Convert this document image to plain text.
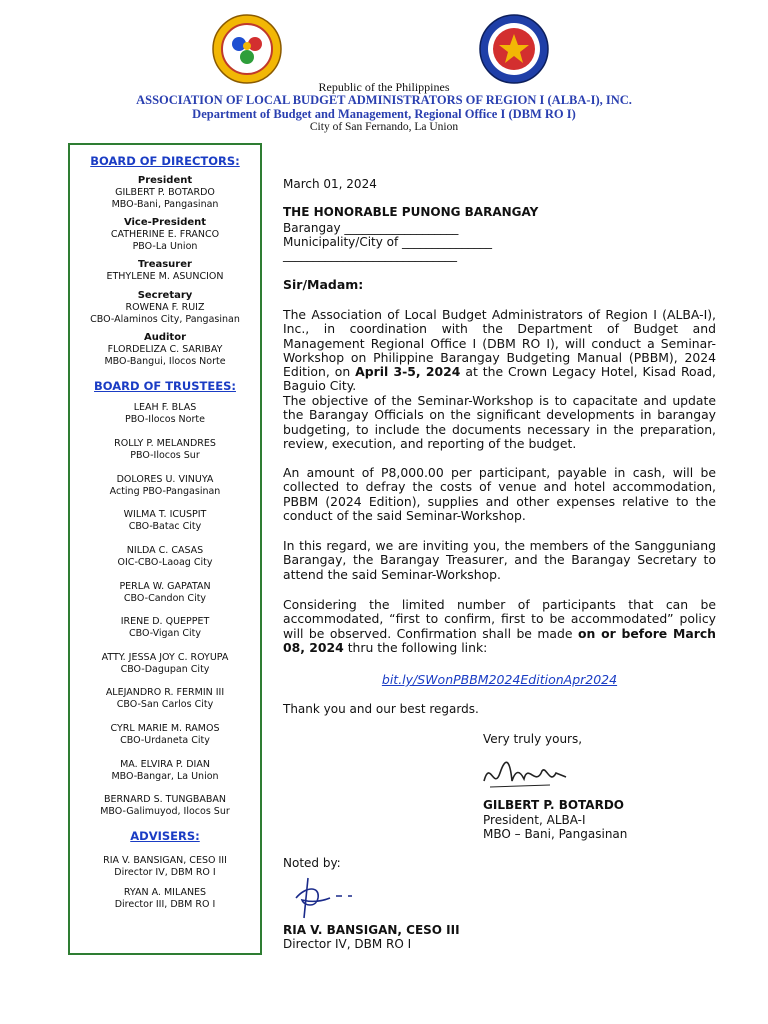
Republic of the Philippines
ASSOCIATION OF LOCAL BUDGET ADMINISTRATORS OF REGION I (ALBA-I), INC.
Department of Budget and Management, Regional Office I (DBM RO I)
City of San Fernando, La Union
BOARD OF DIRECTORS:
President
GILBERT P. BOTARDO
MBO-Bani, Pangasinan
Vice-President
CATHERINE E. FRANCO
PBO-La Union
Treasurer
ETHYLENE M. ASUNCION
Secretary
ROWENA F. RUIZ
CBO-Alaminos City, Pangasinan
Auditor
FLORDELIZA C. SARIBAY
MBO-Bangui, Ilocos Norte
BOARD OF TRUSTEES:
LEAH F. BLAS
PBO-Ilocos Norte
ROLLY P. MELANDRES
PBO-Ilocos Sur
DOLORES U. VINUYA
Acting PBO-Pangasinan
WILMA T. ICUSPIT
CBO-Batac City
NILDA C. CASAS
OIC-CBO-Laoag City
PERLA W. GAPATAN
CBO-Candon City
IRENE D. QUEPPET
CBO-Vigan City
ATTY. JESSA JOY C. ROYUPA
CBO-Dagupan City
ALEJANDRO R. FERMIN III
CBO-San Carlos City
CYRL MARIE M. RAMOS
CBO-Urdaneta City
MA. ELVIRA P. DIAN
MBO-Bangar, La Union
BERNARD S. TUNGBABAN
MBO-Galimuyod, Ilocos Sur
ADVISERS:
RIA V. BANSIGAN, CESO III
Director IV, DBM RO I
RYAN A. MILANES
Director III, DBM RO I
March 01, 2024
THE HONORABLE PUNONG BARANGAY
Barangay ___________________
Municipality/City of _______________
_____________________________
Sir/Madam:
The Association of Local Budget Administrators of Region I (ALBA-I), Inc., in coordination with the Department of Budget and Management Regional Office I (DBM RO I), will conduct a Seminar-Workshop on Philippine Barangay Budgeting Manual (PBBM), 2024 Edition, on April 3-5, 2024 at the Crown Legacy Hotel, Kisad Road, Baguio City.
The objective of the Seminar-Workshop is to capacitate and update the Barangay Officials on the significant developments in barangay budgeting, to include the documents necessary in the preparation, review, execution, and reporting of the budget.
An amount of P8,000.00 per participant, payable in cash, will be collected to defray the costs of venue and hotel accommodation, PBBM (2024 Edition), supplies and other expenses relative to the conduct of the said Seminar-Workshop.
In this regard, we are inviting you, the members of the Sangguniang Barangay, the Barangay Treasurer, and the Barangay Secretary to attend the said Seminar-Workshop.
Considering the limited number of participants that can be accommodated, “first to confirm, first to be accommodated” policy will be observed. Confirmation shall be made on or before March 08, 2024 thru the following link:
bit.ly/SWonPBBM2024EditionApr2024
Thank you and our best regards.
Very truly yours,
GILBERT P. BOTARDO
President, ALBA-I
MBO – Bani, Pangasinan
Noted by:
RIA V. BANSIGAN, CESO III
Director IV, DBM RO I
